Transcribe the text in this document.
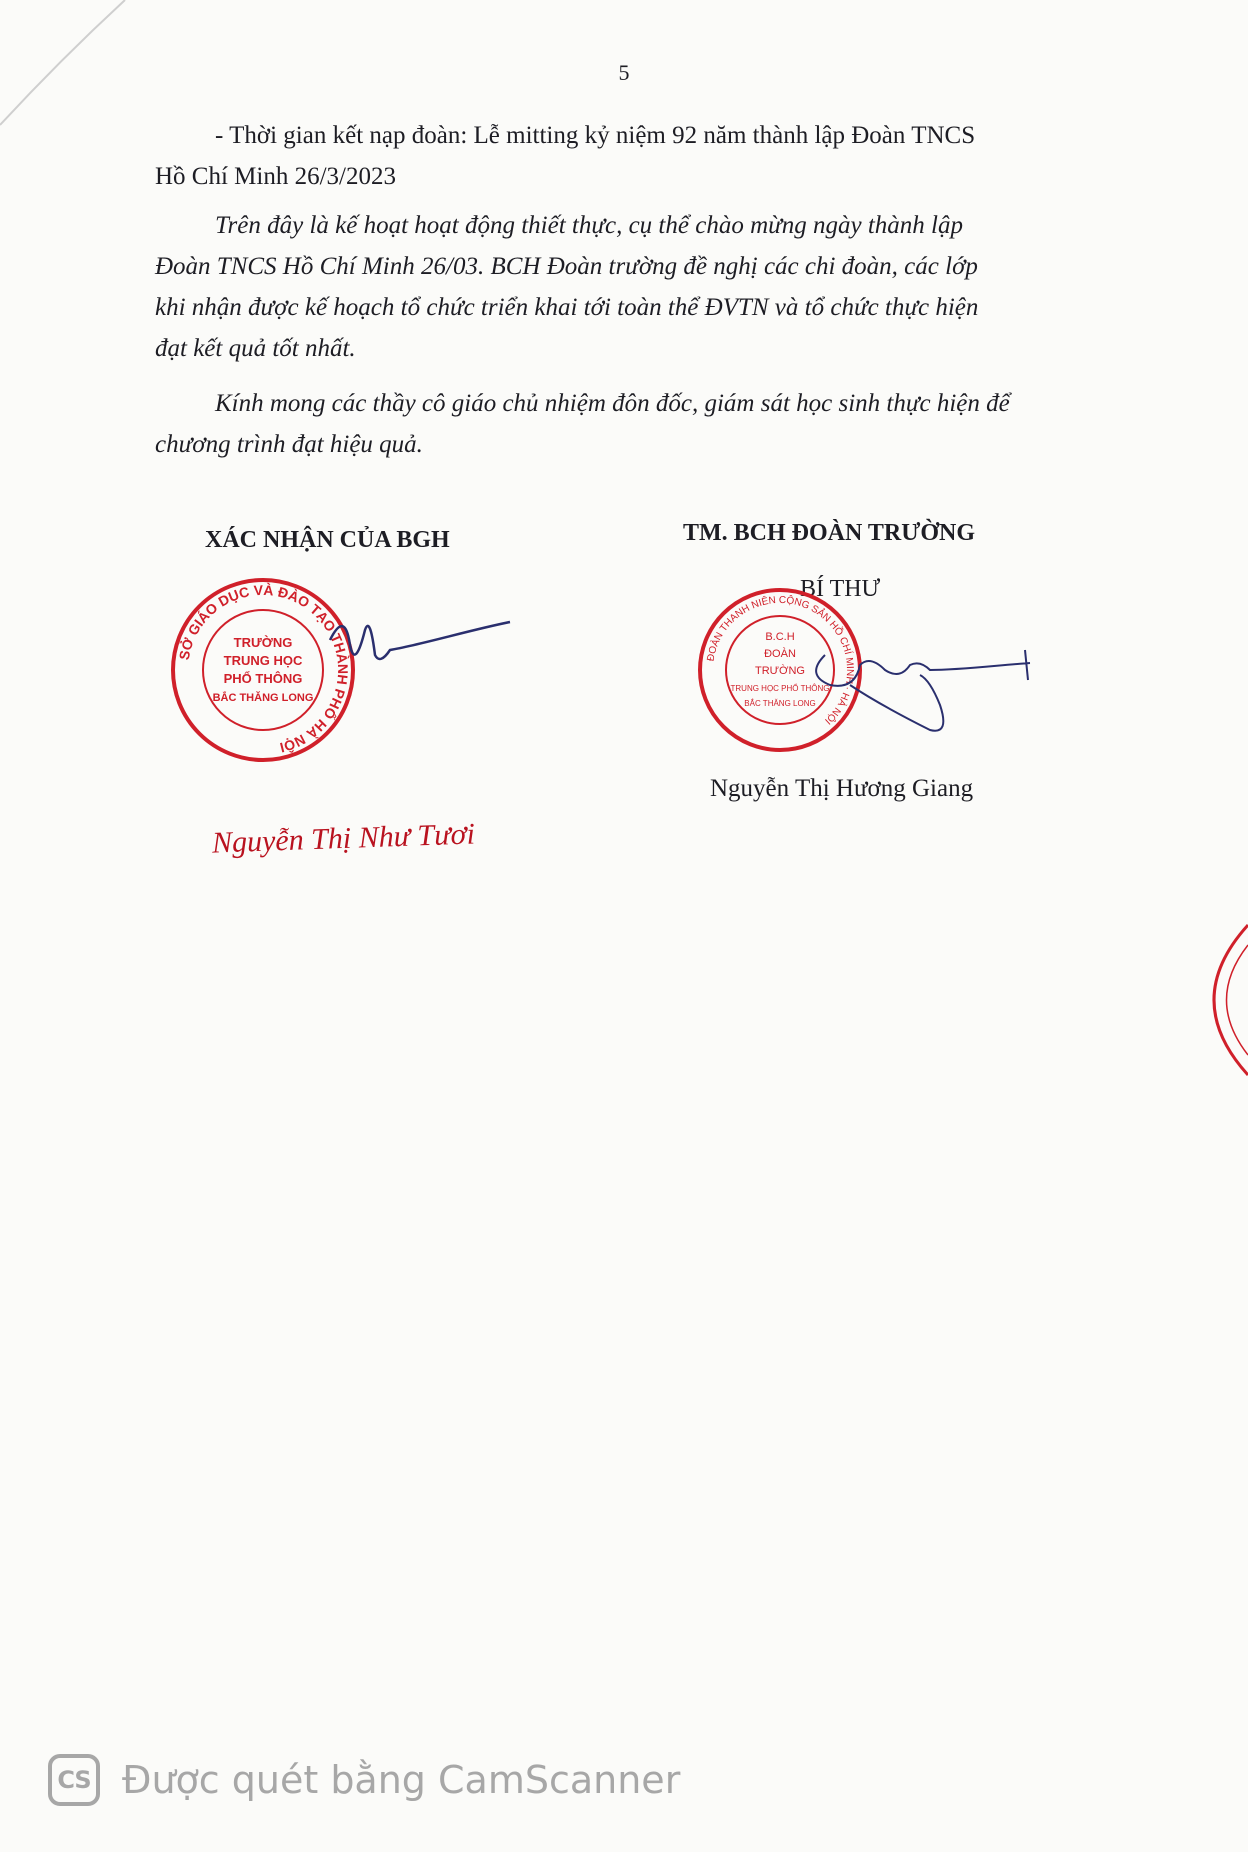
5
- Thời gian kết nạp đoàn: Lễ mitting kỷ niệm 92 năm thành lập Đoàn TNCS
Hồ Chí Minh 26/3/2023
Trên đây là kế hoạt hoạt động thiết thực, cụ thể chào mừng ngày thành lập
Đoàn TNCS Hồ Chí Minh 26/03. BCH Đoàn trường đề nghị các chi đoàn, các lớp
khi nhận được kế hoạch tổ chức triển khai tới toàn thể ĐVTN và tổ chức thực hiện
đạt kết quả tốt nhất.
Kính mong các thầy cô giáo chủ nhiệm đôn đốc, giám sát học sinh thực hiện để
chương trình đạt hiệu quả.
XÁC NHẬN CỦA BGH
SỞ GIÁO DỤC VÀ ĐÀO TẠO THÀNH PHỐ HÀ NỘI
TRƯỜNG
TRUNG HỌC
PHỔ THÔNG
BẮC THĂNG LONG
Nguyễn Thị Như Tươi
TM. BCH ĐOÀN TRƯỜNG
BÍ THƯ
ĐOÀN THANH NIÊN CỘNG SẢN HỒ CHÍ MINH · HÀ NỘI
B.C.H
ĐOÀN
TRƯỜNG
TRUNG HỌC PHỔ THÔNG
BẮC THĂNG LONG
Nguyễn Thị Hương Giang
CS Được quét bằng CamScanner
